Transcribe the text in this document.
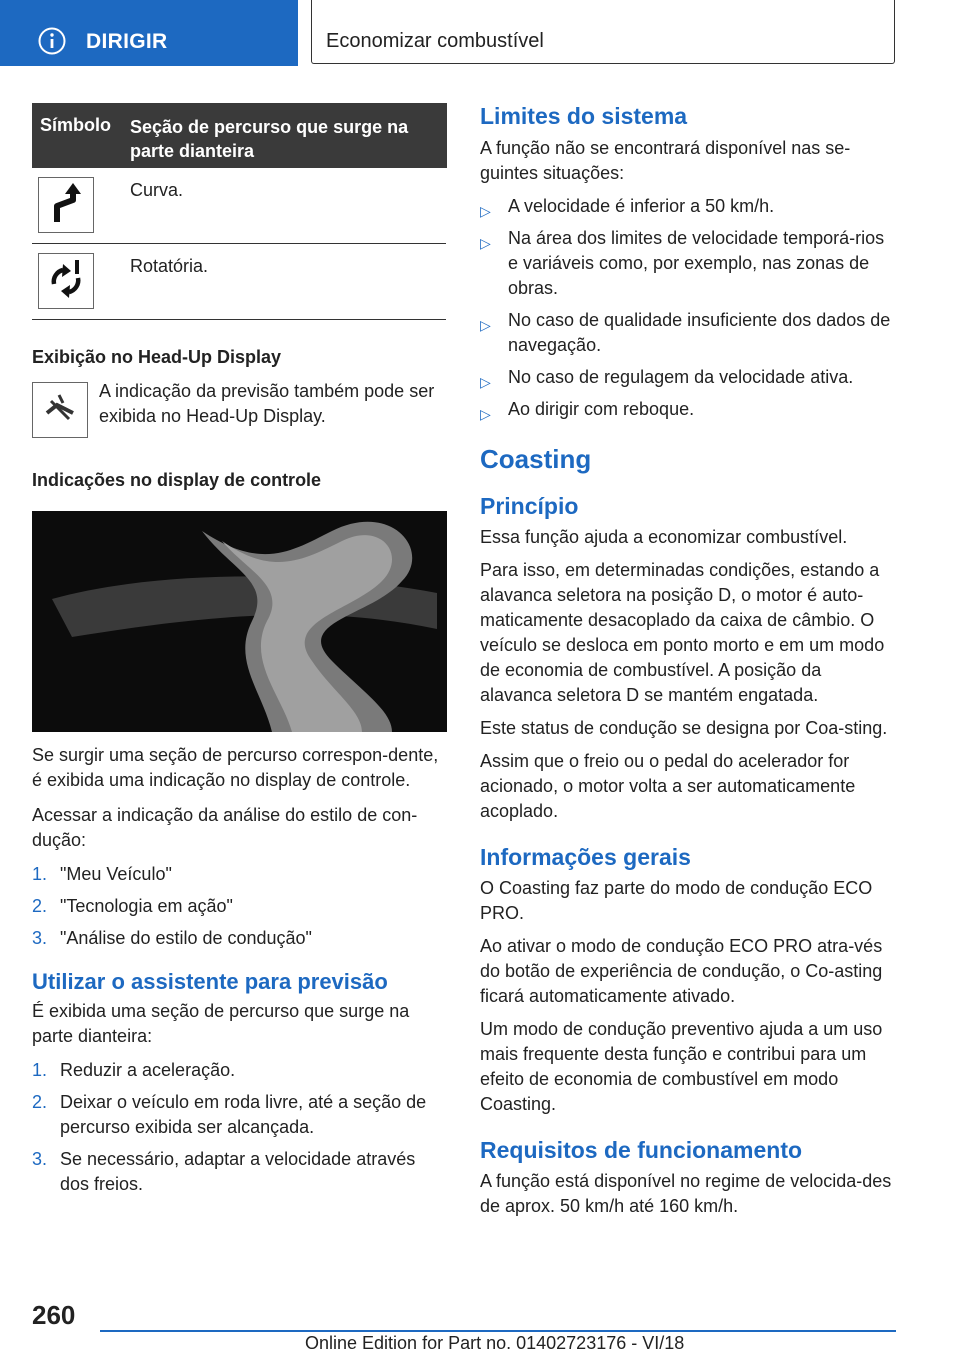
DIRIGIR	Economizar combustível
Símbolo Seção de percurso que surge na parte dianteira
Curva.
Rotatória.

Exibição no Head-Up Display

A indicação da previsão também pode ser exibida no Head-Up Display.

Indicações no display de controle

Se surgir uma seção de percurso correspon-dente, é exibida uma indicação no display de controle.

Acessar a indicação da análise do estilo de con-dução:

1. "Meu Veículo"
2. "Tecnologia em ação"
3. "Análise do estilo de condução"

Utilizar o assistente para previsão

É exibida uma seção de percurso que surge na parte dianteira:

1. Reduzir a aceleração.
2. Deixar o veículo em roda livre, até a seção de percurso exibida ser alcançada.
3. Se necessário, adaptar a velocidade através dos freios.

Limites do sistema

A função não se encontrará disponível nas se-guintes situações:

▷ A velocidade é inferior a 50 km/h.
▷ Na área dos limites de velocidade temporá-rios e variáveis como, por exemplo, nas zonas de obras.
▷ No caso de qualidade insuficiente dos dados de navegação.
▷ No caso de regulagem da velocidade ativa.
▷ Ao dirigir com reboque.

Coasting

Princípio

Essa função ajuda a economizar combustível.

Para isso, em determinadas condições, estando a alavanca seletora na posição D, o motor é auto-maticamente desacoplado da caixa de câmbio. O veículo se desloca em ponto morto e em um modo de economia de combustível. A posição da alavanca seletora D se mantém engatada.

Este status de condução se designa por Coa-sting.

Assim que o freio ou o pedal do acelerador for acionado, o motor volta a ser automaticamente acoplado.

Informações gerais

O Coasting faz parte do modo de condução ECO PRO.

Ao ativar o modo de condução ECO PRO atra-vés do botão de experiência de condução, o Co-asting ficará automaticamente ativado.

Um modo de condução preventivo ajuda a um uso mais frequente desta função e contribui para um efeito de economia de combustível em modo Coasting.

Requisitos de funcionamento

A função está disponível no regime de velocida-des de aprox. 50 km/h até 160 km/h.

260
Online Edition for Part no. 01402723176 - VI/18
